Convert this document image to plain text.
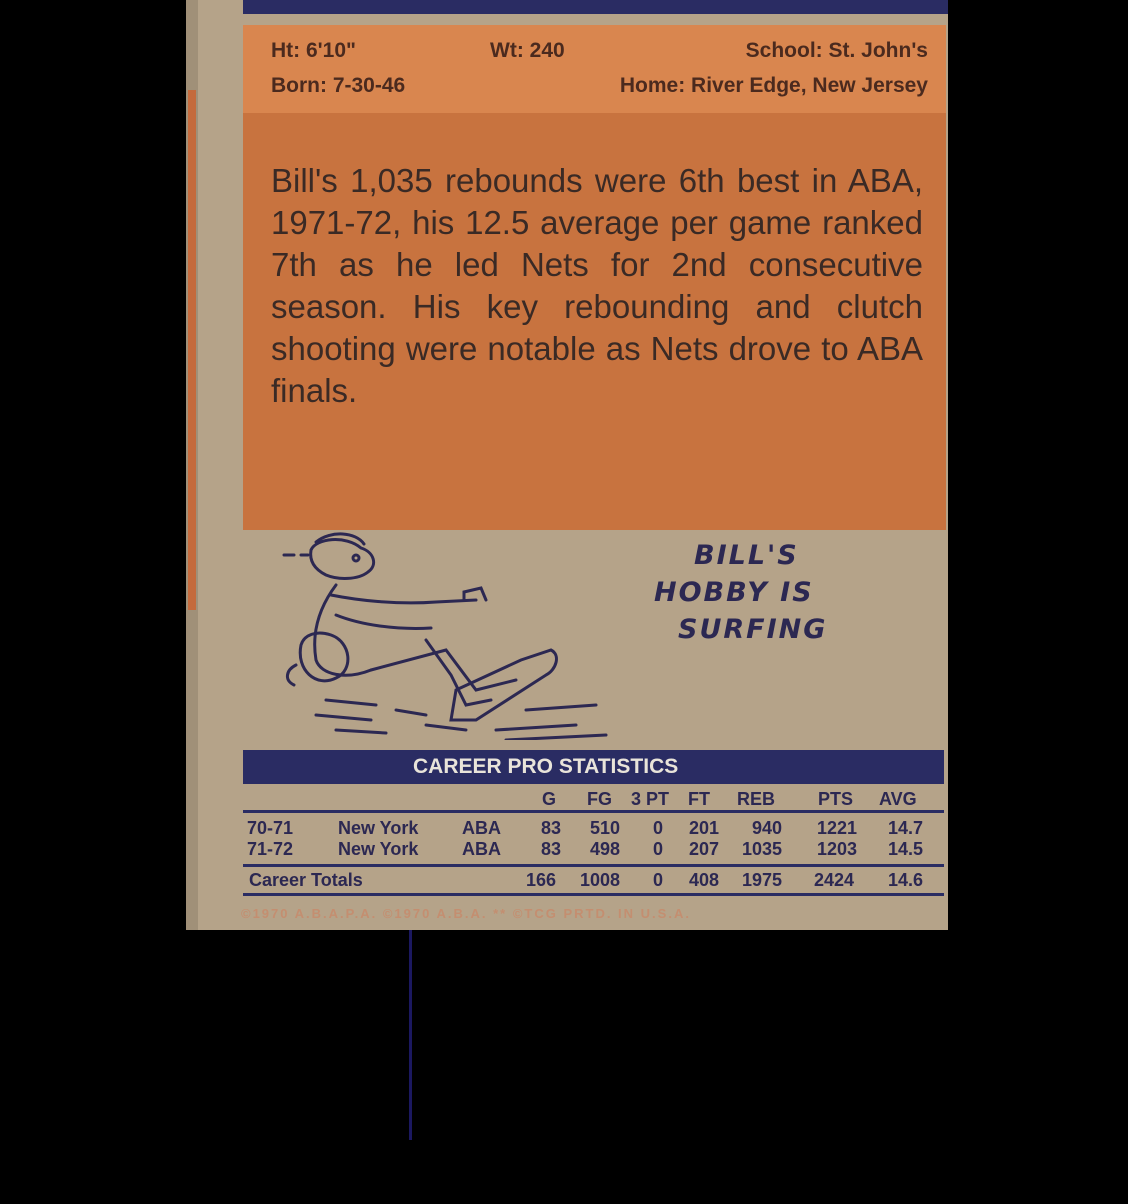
Ht: 6'10"	Wt: 240	School: St. John's
Born: 7-30-46	Home: River Edge, New Jersey

Bill's 1,035 rebounds were 6th best in ABA, 1971-72, his 12.5 average per game ranked 7th as he led Nets for 2nd consecutive season. His key rebounding and clutch shooting were notable as Nets drove to ABA finals.

BILL'S
HOBBY IS
SURFING
CAREER PRO STATISTICS
G FG 3 PT FT REB PTS AVG
70-71 New York ABA 83 510 0 201 940 1221 14.7
71-72 New York ABA 83 498 0 207 1035 1203 14.5
Career Totals	166 1008 0 408 1975 2424 14.6
©1970 A.B.A.P.A. ©1970 A.B.A. ** ©TCG PRTD. IN U.S.A.
